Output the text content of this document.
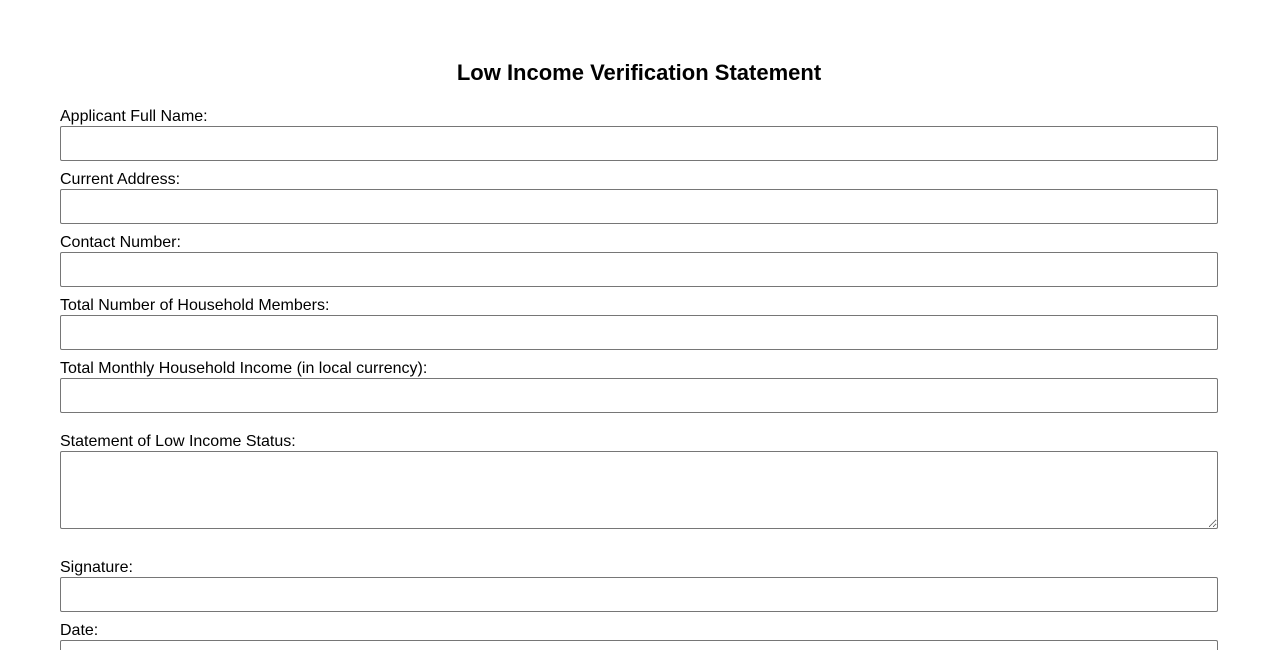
Low Income Verification Statement
Applicant Full Name:
Current Address:
Contact Number:
Total Number of Household Members:
Total Monthly Household Income (in local currency):
Statement of Low Income Status:
Signature:
Date:
